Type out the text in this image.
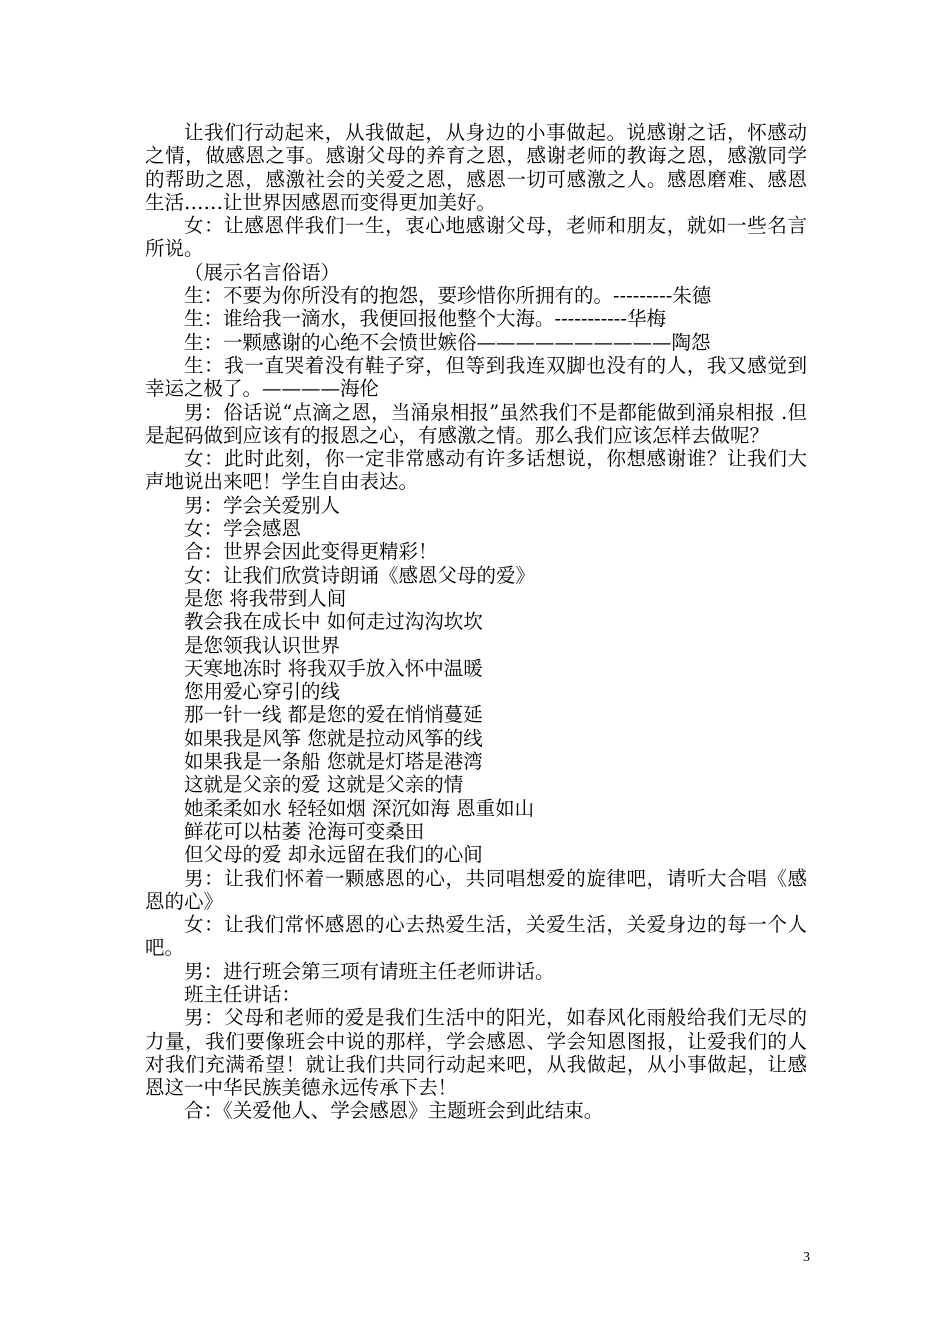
让我们行动起来，从我做起，从身边的小事做起。说感谢之话，怀感动之情，做感恩之事。感谢父母的养育之恩，感谢老师的教诲之恩，感激同学的帮助之恩，感激社会的关爱之恩，感恩一切可感激之人。感恩磨难、感恩生活……让世界因感恩而变得更加美好。

女：让感恩伴我们一生，衷心地感谢父母，老师和朋友，就如一些名言所说。

（展示名言俗语）

生：不要为你所没有的抱怨，要珍惜你所拥有的。---------朱德

生：谁给我一滴水，我便回报他整个大海。-----------华梅

生：一颗感谢的心绝不会愤世嫉俗——————————陶怨

生：我一直哭着没有鞋子穿，但等到我连双脚也没有的人，我又感觉到幸运之极了。————海伦

男：俗话说“点滴之恩，当涌泉相报”虽然我们不是都能做到涌泉相报 .但是起码做到应该有的报恩之心，有感激之情。那么我们应该怎样去做呢？

女：此时此刻，你一定非常感动有许多话想说，你想感谢谁？让我们大声地说出来吧！学生自由表达。

男：学会关爱别人

女：学会感恩

合：世界会因此变得更精彩！

女：让我们欣赏诗朗诵《感恩父母的爱》

是您 将我带到人间

教会我在成长中 如何走过沟沟坎坎

是您领我认识世界

天寒地冻时 将我双手放入怀中温暖

您用爱心穿引的线

那一针一线 都是您的爱在悄悄蔓延

如果我是风筝 您就是拉动风筝的线

如果我是一条船 您就是灯塔是港湾

这就是父亲的爱 这就是父亲的情

她柔柔如水 轻轻如烟 深沉如海 恩重如山

鲜花可以枯萎 沧海可变桑田

但父母的爱 却永远留在我们的心间

男：让我们怀着一颗感恩的心，共同唱想爱的旋律吧，请听大合唱《感恩的心》

女：让我们常怀感恩的心去热爱生活，关爱生活，关爱身边的每一个人吧。

男：进行班会第三项有请班主任老师讲话。

班主任讲话：

男：父母和老师的爱是我们生活中的阳光，如春风化雨般给我们无尽的力量，我们要像班会中说的那样，学会感恩、学会知恩图报，让爱我们的人对我们充满希望！就让我们共同行动起来吧，从我做起，从小事做起，让感恩这一中华民族美德永远传承下去！

合：《关爱他人、学会感恩》主题班会到此结束。

3
